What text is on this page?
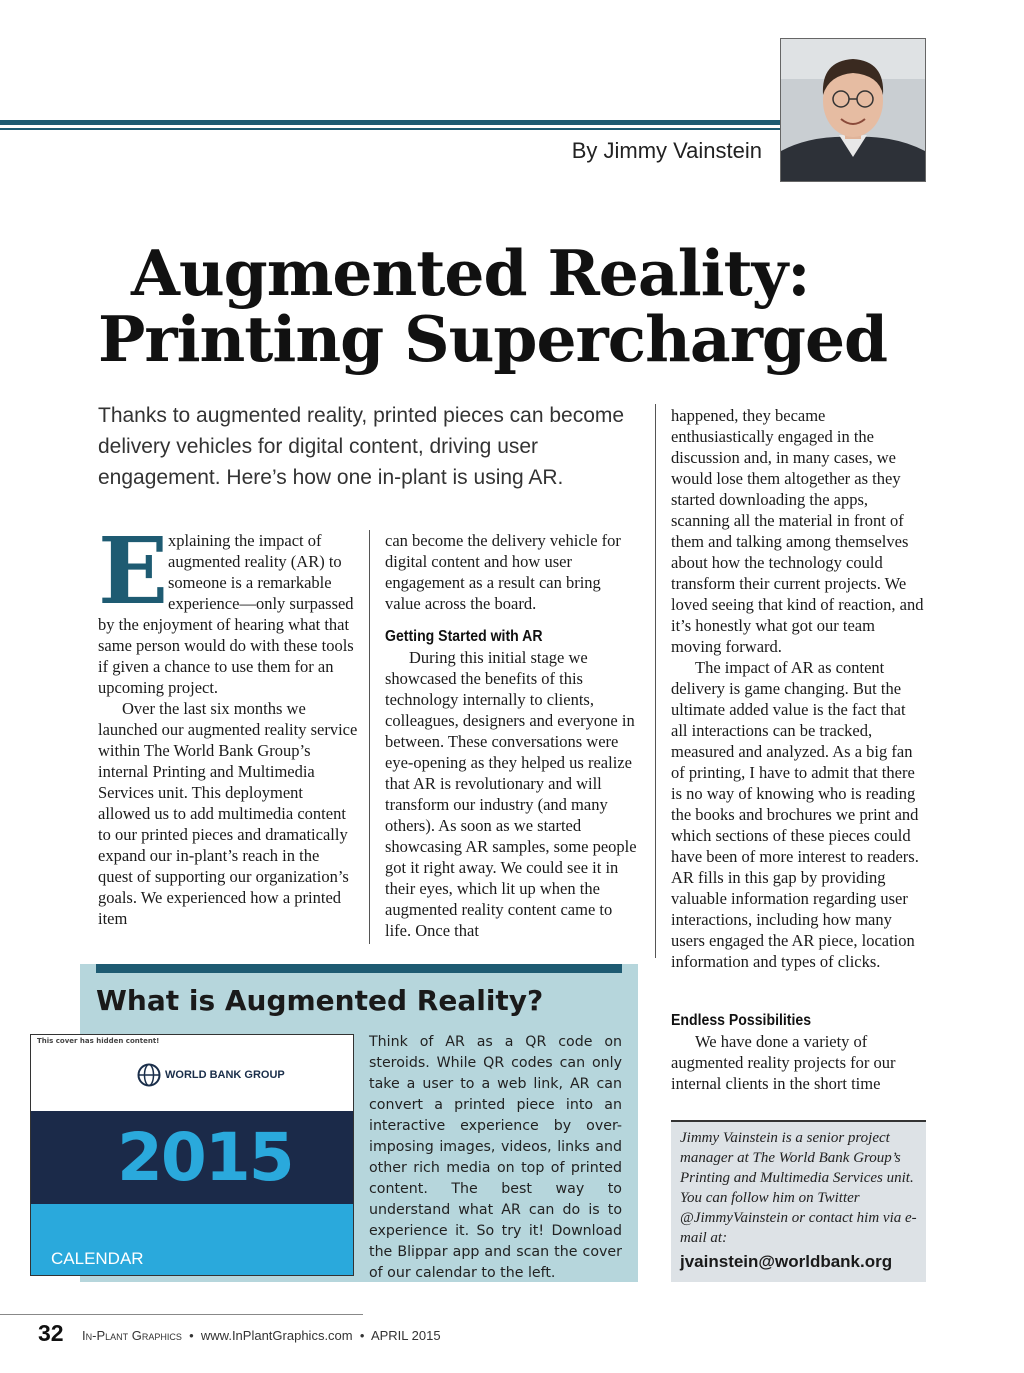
By Jimmy Vainstein
Augmented Reality:
Printing Supercharged
Thanks to augmented reality, printed pieces can become delivery vehicles for digital content, driving user engagement. Here’s how one in-plant is using AR.

Explaining the impact of augmented reality (AR) to someone is a remarkable experience—only surpassed by the enjoyment of hearing what that same person would do with these tools if given a chance to use them for an upcoming project.

Over the last six months we launched our augmented reality service within The World Bank Group’s internal Printing and Multimedia Services unit. This deployment allowed us to add multimedia content to our printed pieces and dramatically expand our in-plant’s reach in the quest of supporting our organization’s goals. We experienced how a printed item

can become the delivery vehicle for digital content and how user engagement as a result can bring value across the board.

Getting Started with AR

During this initial stage we showcased the benefits of this technology internally to clients, colleagues, designers and everyone in between. These conversations were eye-opening as they helped us realize that AR is revolutionary and will transform our industry (and many others). As soon as we started showcasing AR samples, some people got it right away. We could see it in their eyes, which lit up when the augmented reality content came to life. Once that

happened, they became enthusiastically engaged in the discussion and, in many cases, we would lose them altogether as they started downloading the apps, scanning all the material in front of them and talking among themselves about how the technology could transform their current projects. We loved seeing that kind of reaction, and it’s honestly what got our team moving forward.

The impact of AR as content delivery is game changing. But the ultimate added value is the fact that all interactions can be tracked, measured and analyzed. As a big fan of printing, I have to admit that there is no way of knowing who is reading the books and brochures we print and which sections of these pieces could have been of more interest to readers. AR fills in this gap by providing valuable information regarding user interactions, including how many users engaged the AR piece, location information and types of clicks.

Endless Possibilities

We have done a variety of augmented reality projects for our internal clients in the short time

What is Augmented Reality?
Think of AR as a QR code on steroids. While QR codes can only take a user to a web link, AR can convert a printed piece into an interactive experience by over-imposing images, videos, links and other rich media on top of printed content. The best way to understand what AR can do is to experience it. So try it! Download the Blippar app and scan the cover of our calendar to the left.
This cover has hidden content!
WORLD BANK GROUP
2015
CALENDAR
Jimmy Vainstein is a senior project manager at The World Bank Group’s Printing and Multimedia Services unit. You can follow him on Twitter @JimmyVainstein or contact him via e-mail at:
jvainstein@worldbank.org
32 In-Plant Graphics • www.InPlantGraphics.com • APRIL 2015
